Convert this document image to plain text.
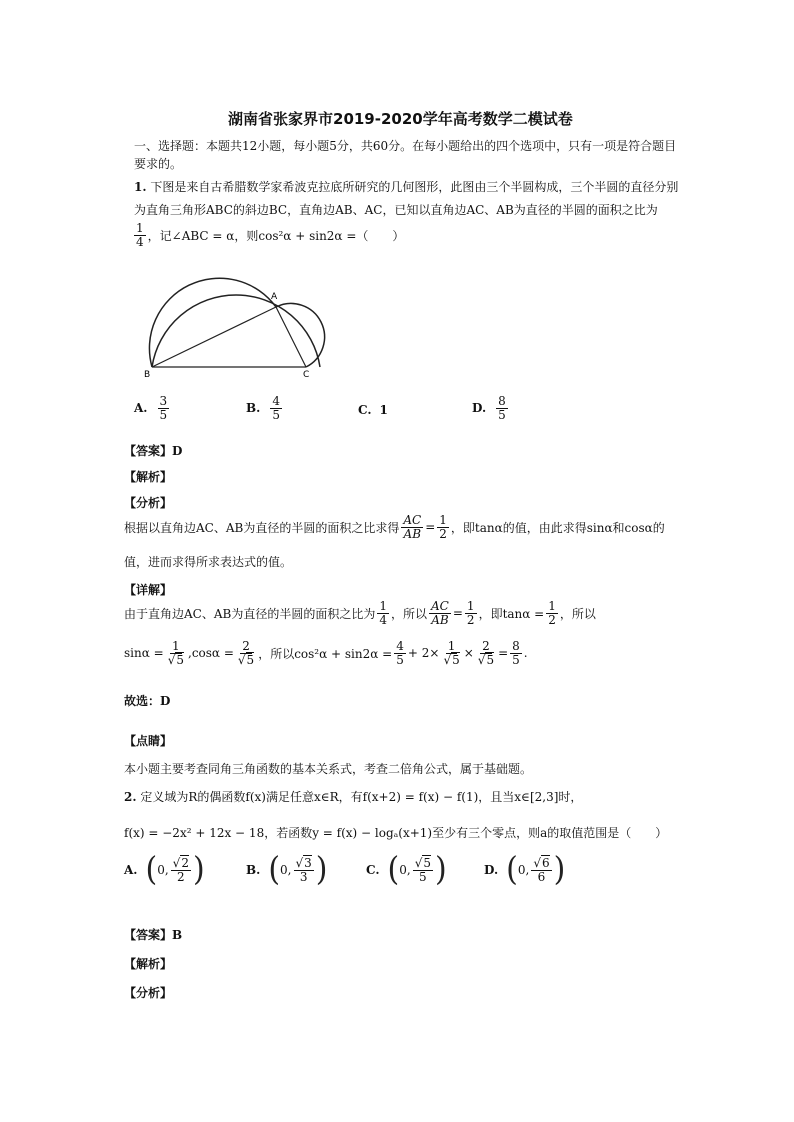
湖南省张家界市2019-2020学年高考数学二模试卷
一、选择题：本题共12小题，每小题5分，共60分。在每小题给出的四个选项中，只有一项是符合题目
要求的。
1. 下图是来自古希腊数学家希波克拉底所研究的几何图形，此图由三个半圆构成，三个半圆的直径分别
为直角三角形ABC的斜边BC，直角边AB、AC，已知以直角边AC、AB为直径的半圆的面积之比为
$\frac{1}{4}$ ，记∠ABC = α，则cos²α + sin2α =（　　）
A
B	C
A. $\frac{3}{5}$	B. $\frac{4}{5}$	C. 1	D. $\frac{8}{5}$
【答案】D
【解析】
【分析】
根据以直角边AC、AB为直径的半圆的面积之比求得 $\frac{AC}{AB} = \frac{1}{2}$ ，即tanα的值，由此求得sinα和cosα的
值，进而求得所求表达式的值。
【详解】
由于直角边AC、AB为直径的半圆的面积之比为 $\frac{1}{4}$ ，所以 $\frac{AC}{AB} = \frac{1}{2}$ ，即$\tan\alpha = \frac{1}{2}$ ，所以
$\sin\alpha = \frac{1}{√5} ,\cos\alpha = \frac{2}{√5}$ ，所以$\cos^2\alpha + \sin 2\alpha = \frac{4}{5} + 2\times \frac{1}{√5} \times \frac{2}{√5} = \frac{8}{5}$ .
故选：D
【点睛】
本小题主要考查同角三角函数的基本关系式，考查二倍角公式，属于基础题。
2. 定义域为R的偶函数f(x)满足任意x∈R，有f(x+2) = f(x) − f(1)，且当x∈[2,3]时，
f(x) = −2x² + 12x − 18，若函数y = f(x) − logₐ(x+1)至少有三个零点，则a的取值范围是（　　）
A. ( 0, $\frac{√2}{2}$ )	B. ( 0, $\frac{√3}{3}$ )	C. ( 0, $\frac{√5}{5}$ )	D. ( 0, $\frac{√6}{6}$ )
【答案】B
【解析】
【分析】
